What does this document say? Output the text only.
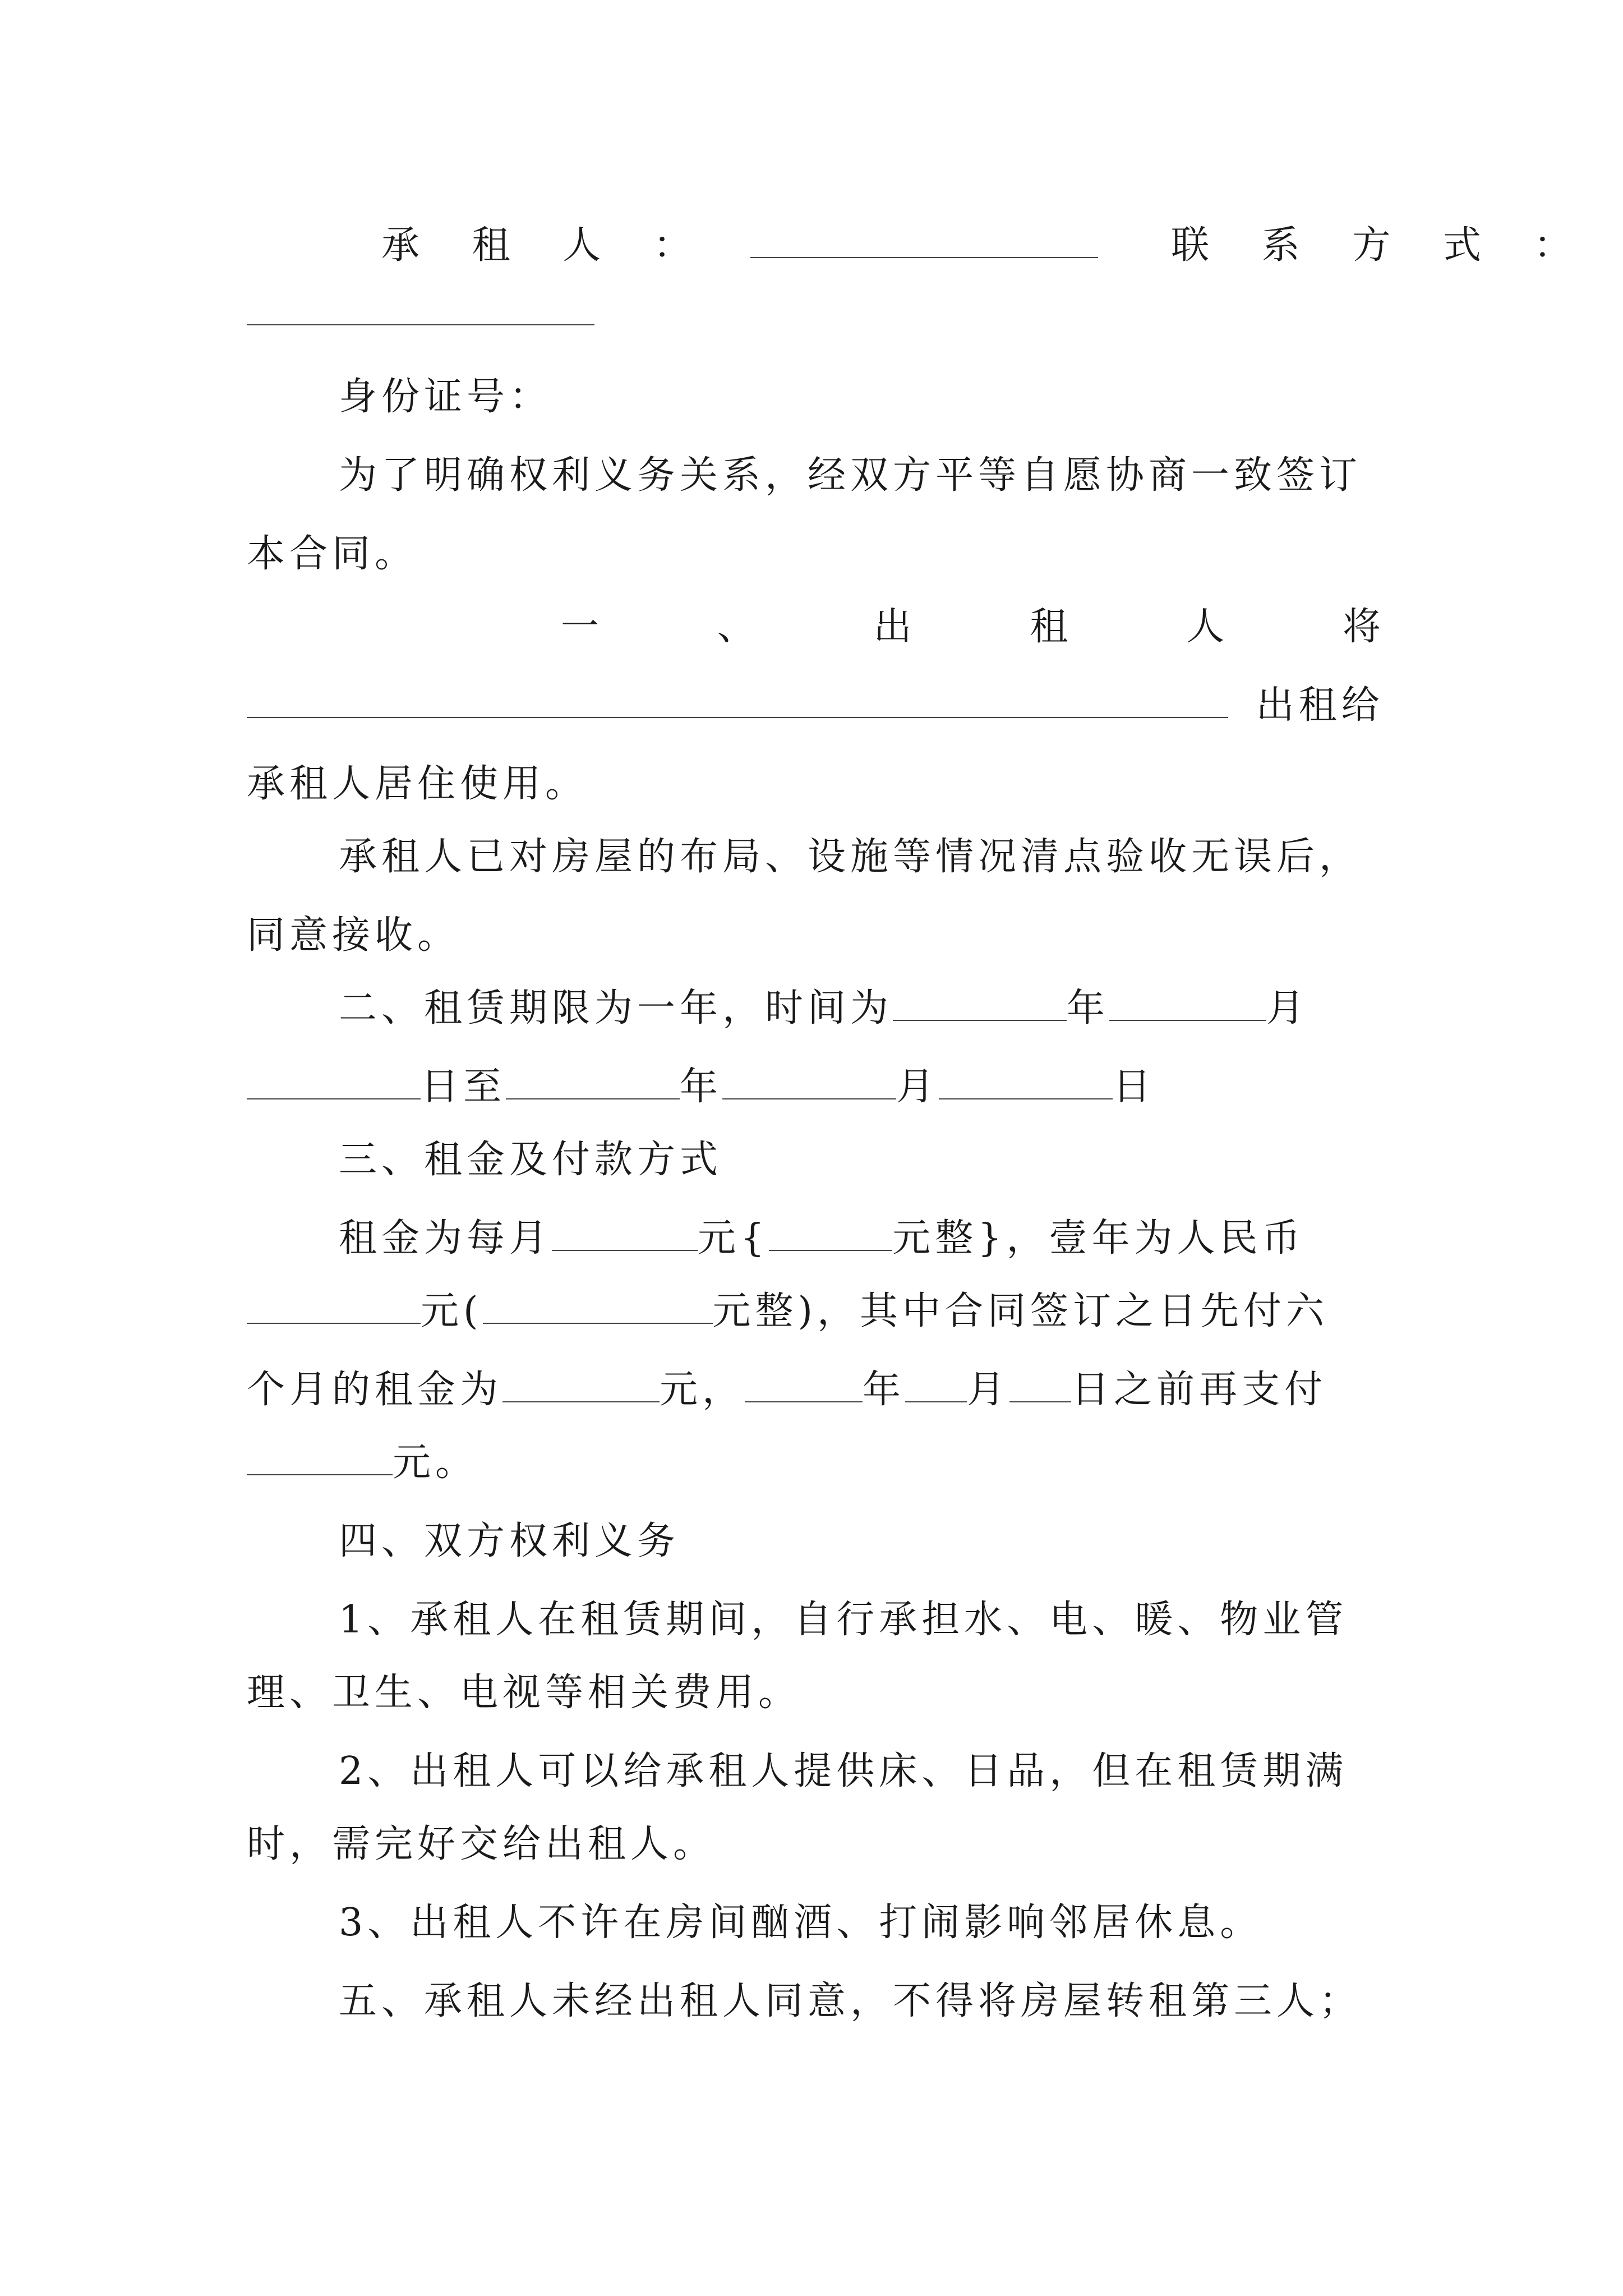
承 租 人 ：	联 系 方 式 ：
身份证号：
为了明确权利义务关系，经双方平等自愿协商一致签订
本合同。
一	、	出	租	人	将
出租给
承租人居住使用。
承租人已对房屋的布局、设施等情况清点验收无误后，
同意接收。
二、租赁期限为一年，时间为	年	月
日至	年	月	日
三、租金及付款方式
租金为每月	元{	元整}，壹年为人民币
元(	元整)，其中合同签订之日先付六
个月的租金为	元，	年 月 日之前再支付
元。
四、双方权利义务
1、承租人在租赁期间，自行承担水、电、暖、物业管
理、卫生、电视等相关费用。
2、出租人可以给承租人提供床、日品，但在租赁期满
时，需完好交给出租人。
3、出租人不许在房间酗酒、打闹影响邻居休息。
五、承租人未经出租人同意，不得将房屋转租第三人；
